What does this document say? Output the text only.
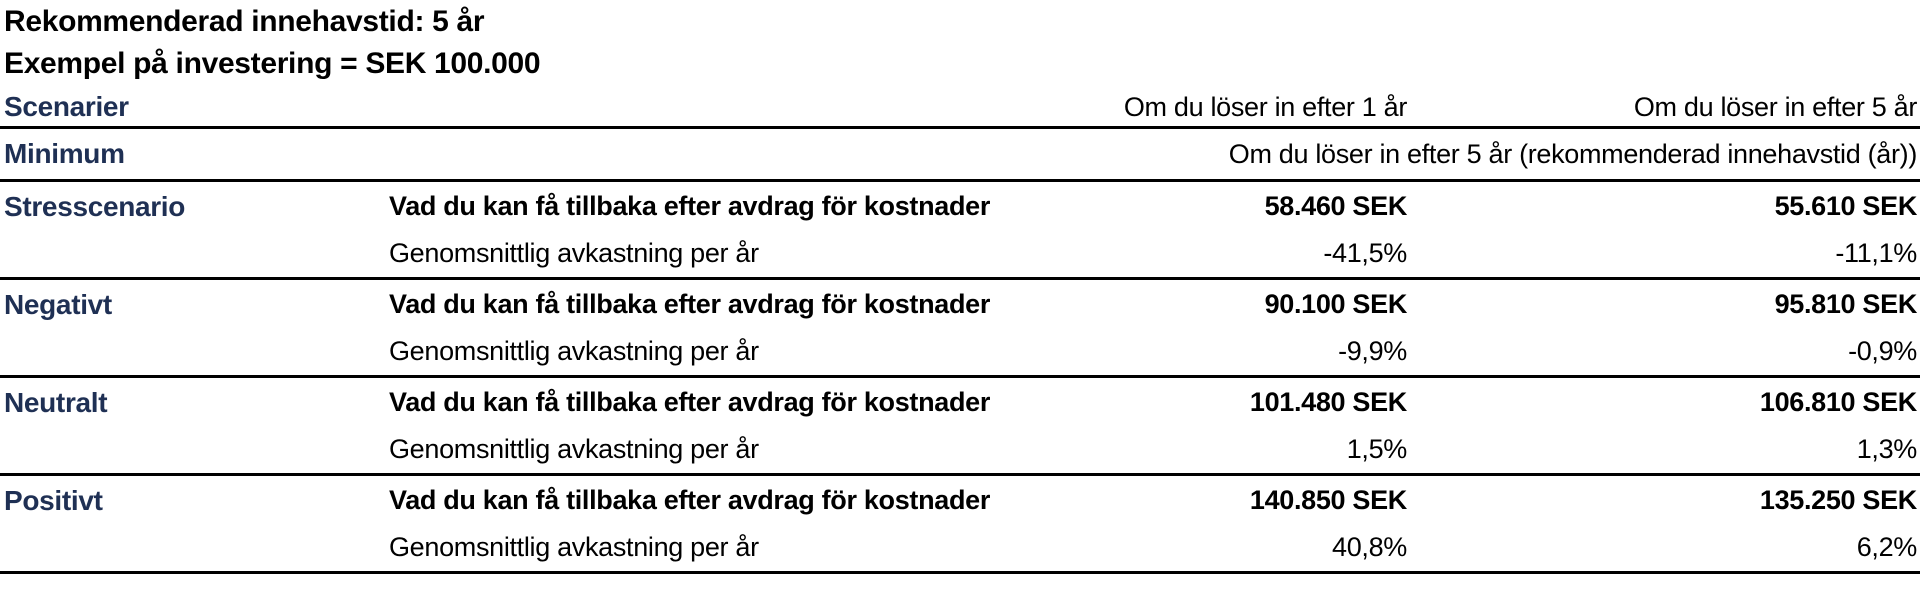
Rekommenderad innehavstid: 5 år

Exempel på investering = SEK 100.000

Scenarier	Om du löser in efter 1 år	Om du löser in efter 5 år
Minimum	Om du löser in efter 5 år (rekommenderad innehavstid (år))
Stresscenario	Vad du kan få tillbaka efter avdrag för kostnader	58.460 SEK	55.610 SEK
Genomsnittlig avkastning per år	-41,5%	-11,1%
Negativt	Vad du kan få tillbaka efter avdrag för kostnader	90.100 SEK	95.810 SEK
Genomsnittlig avkastning per år	-9,9%	-0,9%
Neutralt	Vad du kan få tillbaka efter avdrag för kostnader	101.480 SEK	106.810 SEK
Genomsnittlig avkastning per år	1,5%	1,3%
Positivt	Vad du kan få tillbaka efter avdrag för kostnader	140.850 SEK	135.250 SEK
Genomsnittlig avkastning per år	40,8%	6,2%
